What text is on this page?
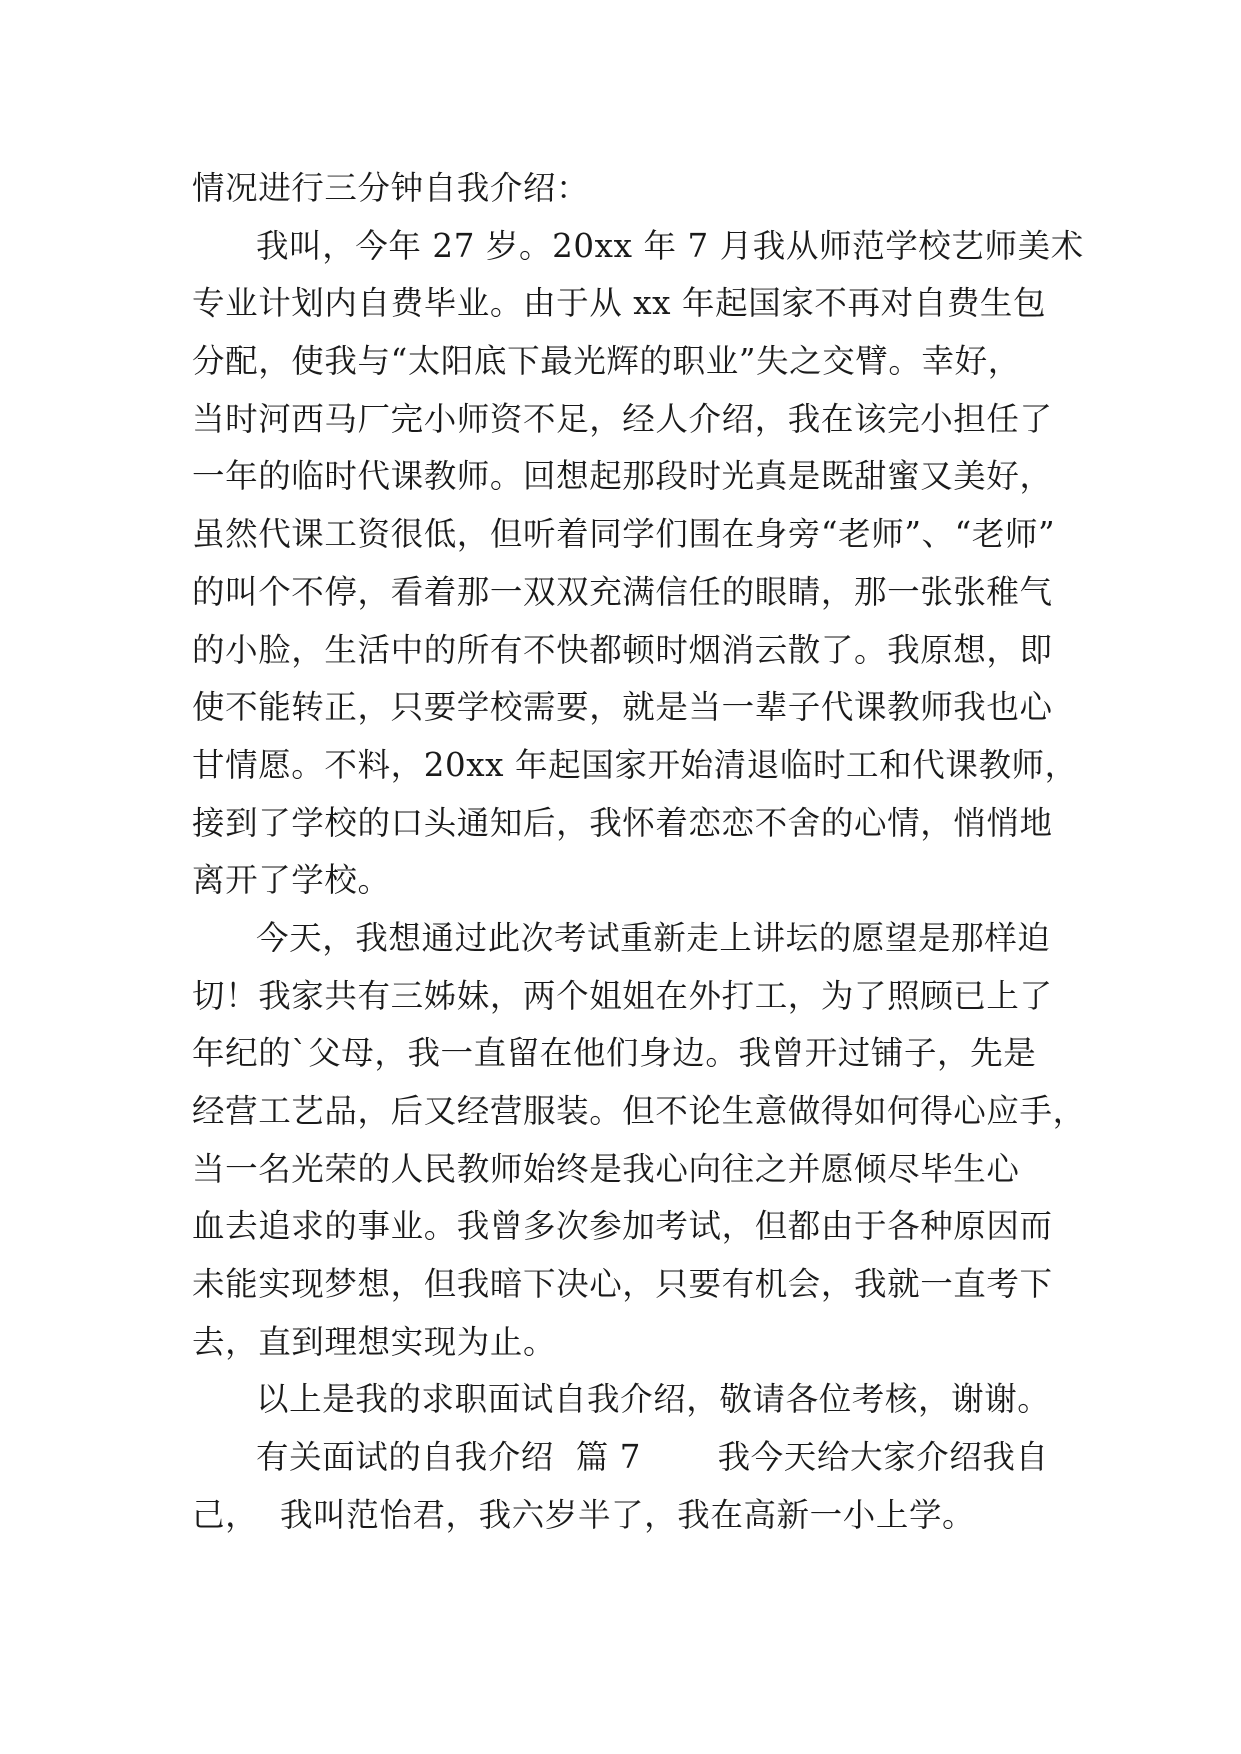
情况进行三分钟自我介绍：
我叫，今年 27 岁。20xx 年 7 月我从师范学校艺师美术
专业计划内自费毕业。由于从 xx 年起国家不再对自费生包
分配，使我与“太阳底下最光辉的职业”失之交臂。幸好，
当时河西马厂完小师资不足，经人介绍，我在该完小担任了
一年的临时代课教师。回想起那段时光真是既甜蜜又美好，
虽然代课工资很低，但听着同学们围在身旁“老师”、“老师”
的叫个不停，看着那一双双充满信任的眼睛，那一张张稚气
的小脸，生活中的所有不快都顿时烟消云散了。我原想，即
使不能转正，只要学校需要，就是当一辈子代课教师我也心
甘情愿。不料，20xx 年起国家开始清退临时工和代课教师，
接到了学校的口头通知后，我怀着恋恋不舍的心情，悄悄地
离开了学校。
今天，我想通过此次考试重新走上讲坛的愿望是那样迫
切！我家共有三姊妹，两个姐姐在外打工，为了照顾已上了
年纪的`父母，我一直留在他们身边。我曾开过铺子，先是
经营工艺品，后又经营服装。但不论生意做得如何得心应手，
当一名光荣的人民教师始终是我心向往之并愿倾尽毕生心
血去追求的事业。我曾多次参加考试，但都由于各种原因而
未能实现梦想，但我暗下决心，只要有机会，我就一直考下
去，直到理想实现为止。
以上是我的求职面试自我介绍，敬请各位考核，谢谢。
有关面试的自我介绍  篇 7       我今天给大家介绍我自
己，  我叫范怡君，我六岁半了，我在高新一小上学。
